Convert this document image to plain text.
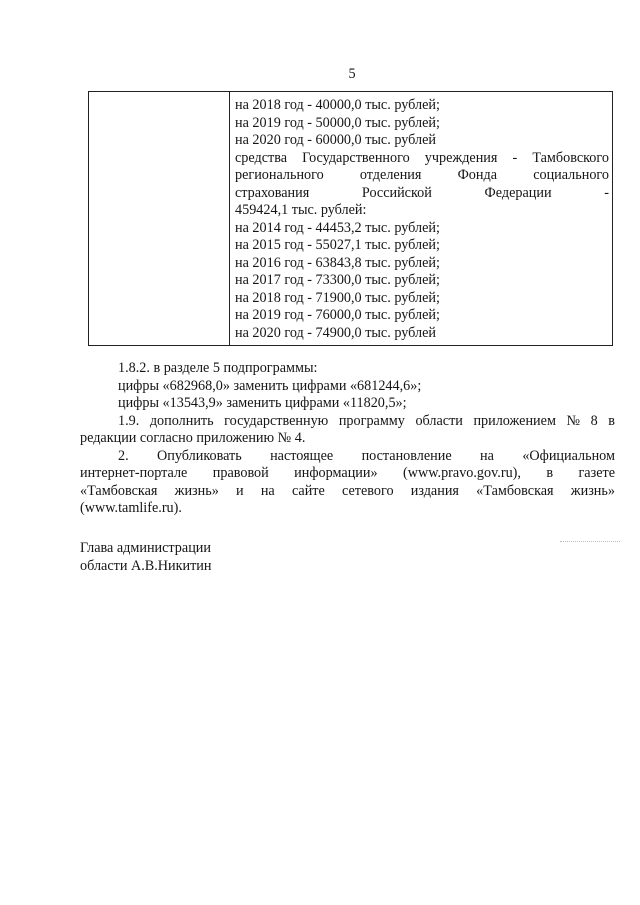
5
на 2018 год - 40000,0 тыс. рублей;
на 2019 год - 50000,0 тыс. рублей;
на 2020 год - 60000,0 тыс. рублей
средства Государственного учреждения - Тамбовского
регионального	отделения	Фонда	социального
страхования	Российской	Федерации	-
459424,1 тыс. рублей:
на 2014 год - 44453,2 тыс. рублей;
на 2015 год - 55027,1 тыс. рублей;
на 2016 год - 63843,8 тыс. рублей;
на 2017 год - 73300,0 тыс. рублей;
на 2018 год - 71900,0 тыс. рублей;
на 2019 год - 76000,0 тыс. рублей;
на 2020 год - 74900,0 тыс. рублей
1.8.2. в разделе 5 подпрограммы:
цифры «682968,0» заменить цифрами «681244,6»;
цифры «13543,9» заменить цифрами «11820,5»;
1.9. дополнить государственную программу области приложением № 8 в
редакции согласно приложению № 4.
2. Опубликовать настоящее постановление на «Официальном
интернет-портале правовой информации» (www.pravo.gov.ru), в газете
«Тамбовская жизнь» и на сайте сетевого издания «Тамбовская жизнь»
(www.tamlife.ru).
Глава администрации
области А.В.Никитин
